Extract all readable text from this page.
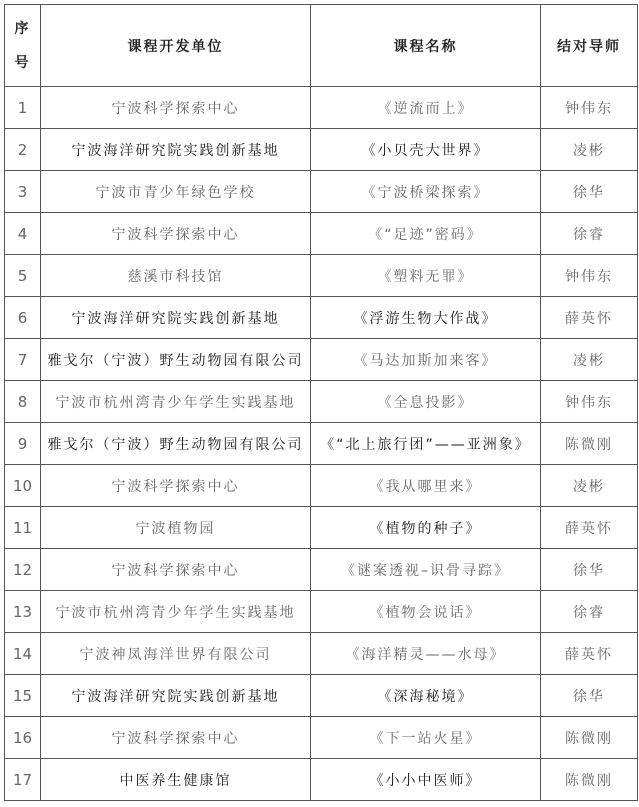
序
号	课程开发单位	课程名称	结对导师
1	宁波科学探索中心	《逆流而上》	钟伟东
2	宁波海洋研究院实践创新基地	《小贝壳大世界》	凌彬
3	宁波市青少年绿色学校	《宁波桥梁探索》	徐华
4	宁波科学探索中心	《“足迹”密码》	徐睿
5	慈溪市科技馆	《塑料无罪》	钟伟东
6	宁波海洋研究院实践创新基地	《浮游生物大作战》	薛英怀
7	雅戈尔（宁波）野生动物园有限公司	《马达加斯加来客》	凌彬
8	宁波市杭州湾青少年学生实践基地	《全息投影》	钟伟东
9	雅戈尔（宁波）野生动物园有限公司	《“北上旅行团”——亚洲象》	陈微刚
10	宁波科学探索中心	《我从哪里来》	凌彬
11	宁波植物园	《植物的种子》	薛英怀
12	宁波科学探索中心	《谜案透视–识骨寻踪》	徐华
13	宁波市杭州湾青少年学生实践基地	《植物会说话》	徐睿
14	宁波神凤海洋世界有限公司	《海洋精灵——水母》	薛英怀
15	宁波海洋研究院实践创新基地	《深海秘境》	徐华
16	宁波科学探索中心	《下一站火星》	陈微刚
17	中医养生健康馆	《小小中医师》	陈微刚
